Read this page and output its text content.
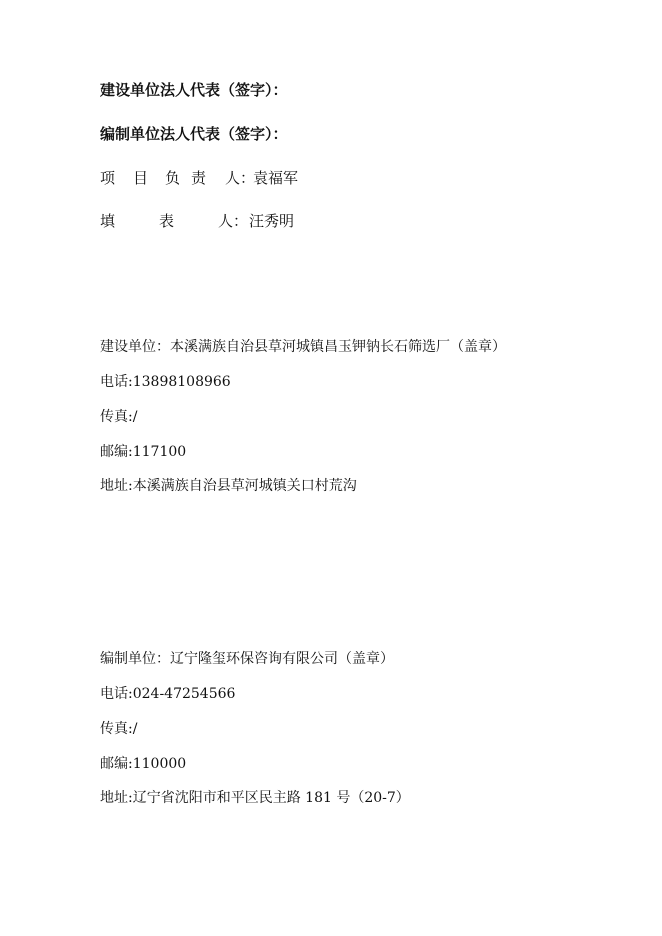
建设单位法人代表（签字）：
编制单位法人代表（签字）：
项 目 负 责 人：
袁福军
填	表	人： 汪秀明
建设单位：本溪满族自治县草河城镇昌玉钾钠长石筛选厂（盖章）
电话:13898108966
传真:/
邮编:117100
地址:本溪满族自治县草河城镇关口村荒沟
编制单位：辽宁隆玺环保咨询有限公司（盖章）
电话:024-47254566
传真:/
邮编:110000
地址:辽宁省沈阳市和平区民主路 181 号（20-7）
